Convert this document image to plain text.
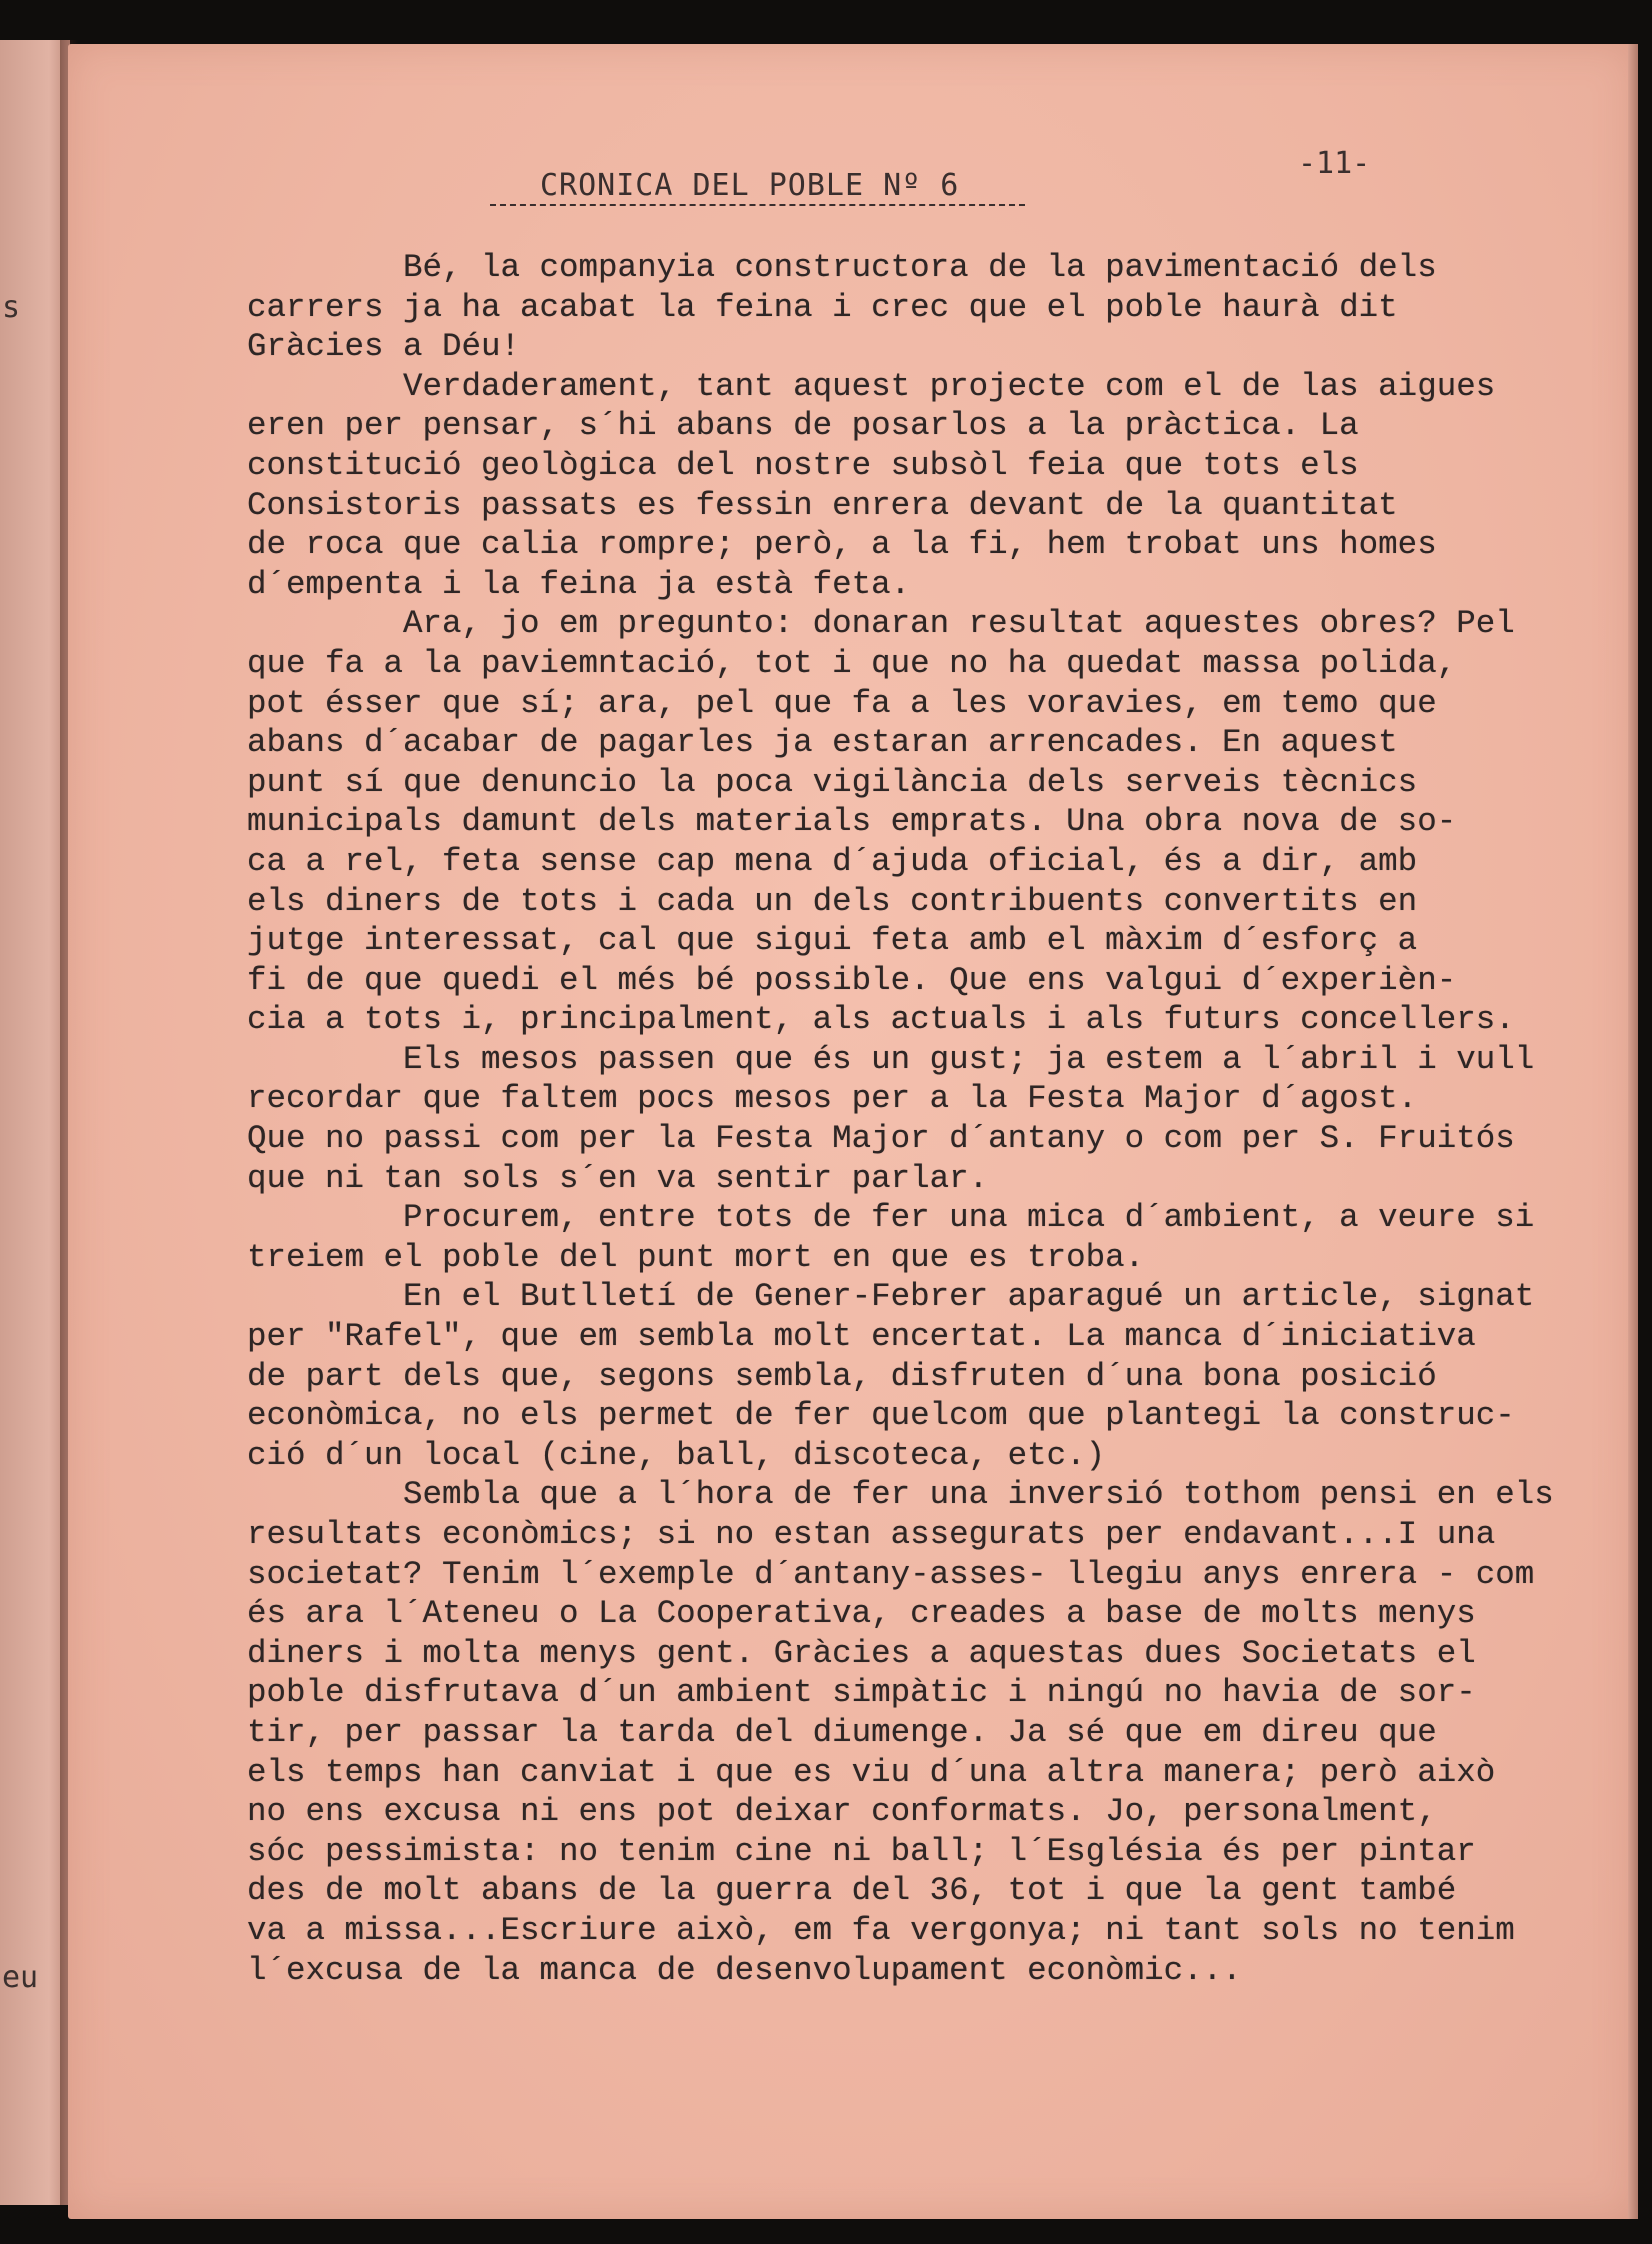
s
eu
CRONICA DEL POBLE Nº 6
-11-
Bé, la companyia constructora de la pavimentació dels
carrers ja ha acabat la feina i crec que el poble haurà dit
Gràcies a Déu!
Verdaderament, tant aquest projecte com el de las aigues
eren per pensar, s´hi abans de posarlos a la pràctica. La
constitució geològica del nostre subsòl feia que tots els
Consistoris passats es fessin enrera devant de la quantitat
de roca que calia rompre; però, a la fi, hem trobat uns homes
d´empenta i la feina ja està feta.
Ara, jo em pregunto: donaran resultat aquestes obres? Pel
que fa a la paviemntació, tot i que no ha quedat massa polida,
pot ésser que sí; ara, pel que fa a les voravies, em temo que
abans d´acabar de pagarles ja estaran arrencades. En aquest
punt sí que denuncio la poca vigilància dels serveis tècnics
municipals damunt dels materials emprats. Una obra nova de so-
ca a rel, feta sense cap mena d´ajuda oficial, és a dir, amb
els diners de tots i cada un dels contribuents convertits en
jutge interessat, cal que sigui feta amb el màxim d´esforç a
fi de que quedi el més bé possible. Que ens valgui d´experièn-
cia a tots i, principalment, als actuals i als futurs concellers.
Els mesos passen que és un gust; ja estem a l´abril i vull
recordar que faltem pocs mesos per a la Festa Major d´agost.
Que no passi com per la Festa Major d´antany o com per S. Fruitós
que ni tan sols s´en va sentir parlar.
Procurem, entre tots de fer una mica d´ambient, a veure si
treiem el poble del punt mort en que es troba.
En el Butlletí de Gener-Febrer aparagué un article, signat
per "Rafel", que em sembla molt encertat. La manca d´iniciativa
de part dels que, segons sembla, disfruten d´una bona posició
econòmica, no els permet de fer quelcom que plantegi la construc-
ció d´un local (cine, ball, discoteca, etc.)
Sembla que a l´hora de fer una inversió tothom pensi en els
resultats econòmics; si no estan assegurats per endavant...I una
societat? Tenim l´exemple d´antany-asses- llegiu anys enrera - com
és ara l´Ateneu o La Cooperativa, creades a base de molts menys
diners i molta menys gent. Gràcies a aquestas dues Societats el
poble disfrutava d´un ambient simpàtic i ningú no havia de sor-
tir, per passar la tarda del diumenge. Ja sé que em direu que
els temps han canviat i que es viu d´una altra manera; però això
no ens excusa ni ens pot deixar conformats. Jo, personalment,
sóc pessimista: no tenim cine ni ball; l´Església és per pintar
des de molt abans de la guerra del 36, tot i que la gent també
va a missa...Escriure això, em fa vergonya; ni tant sols no tenim
l´excusa de la manca de desenvolupament econòmic...
